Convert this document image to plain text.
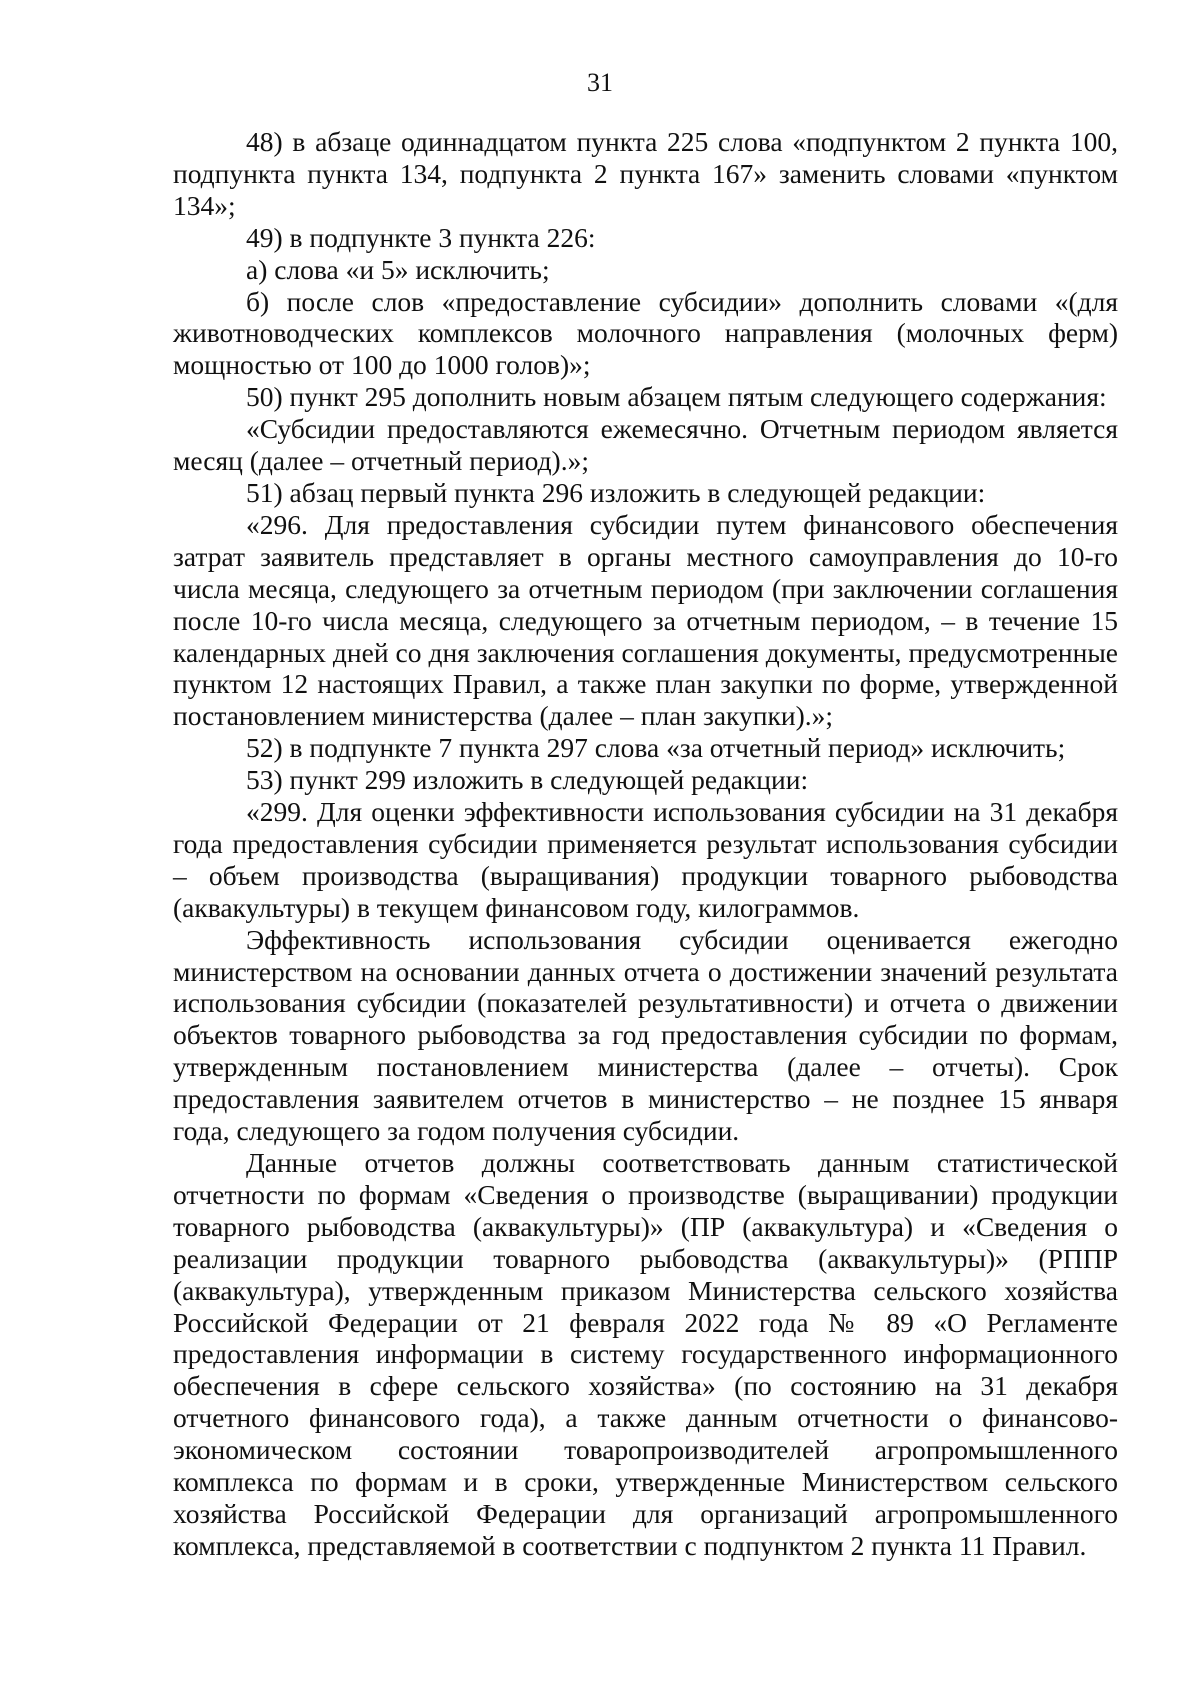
31

48) в абзаце одиннадцатом пункта 225 слова «подпунктом 2 пункта 100, подпункта пункта 134, подпункта 2 пункта 167» заменить словами «пунктом 134»;

49) в подпункте 3 пункта 226:

а) слова «и 5» исключить;

б) после слов «предоставление субсидии» дополнить словами «(для животноводческих комплексов молочного направления (молочных ферм) мощностью от 100 до 1000 голов)»;

50) пункт 295 дополнить новым абзацем пятым следующего содержания:

«Субсидии предоставляются ежемесячно. Отчетным периодом является месяц (далее – отчетный период).»;

51) абзац первый пункта 296 изложить в следующей редакции:

«296. Для предоставления субсидии путем финансового обеспечения затрат заявитель представляет в органы местного самоуправления до 10-го числа месяца, следующего за отчетным периодом (при заключении соглашения после 10-го числа месяца, следующего за отчетным периодом, – в течение 15 календарных дней со дня заключения соглашения документы, предусмотренные пунктом 12 настоящих Правил, а также план закупки по форме, утвержденной постановлением министерства (далее – план закупки).»;

52) в подпункте 7 пункта 297 слова «за отчетный период» исключить;

53) пункт 299 изложить в следующей редакции:

«299. Для оценки эффективности использования субсидии на 31 декабря года предоставления субсидии применяется результат использования субсидии – объем производства (выращивания) продукции товарного рыбоводства (аквакультуры) в текущем финансовом году, килограммов.

Эффективность использования субсидии оценивается ежегодно министерством на основании данных отчета о достижении значений результата использования субсидии (показателей результативности) и отчета о движении объектов товарного рыбоводства за год предоставления субсидии по формам, утвержденным постановлением министерства (далее – отчеты). Срок предоставления заявителем отчетов в министерство – не позднее 15 января года, следующего за годом получения субсидии.

Данные отчетов должны соответствовать данным статистической отчетности по формам «Сведения о производстве (выращивании) продукции товарного рыбоводства (аквакультуры)» (ПР (аквакультура) и «Сведения о реализации продукции товарного рыбоводства (аквакультуры)» (РППР (аквакультура), утвержденным приказом Министерства сельского хозяйства Российской Федерации от 21 февраля 2022 года № 89 «О Регламенте предоставления информации в систему государственного информационного обеспечения в сфере сельского хозяйства» (по состоянию на 31 декабря отчетного финансового года), а также данным отчетности о финансово-экономическом состоянии товаропроизводителей агропромышленного комплекса по формам и в сроки, утвержденные Министерством сельского хозяйства Российской Федерации для организаций агропромышленного комплекса, представляемой в соответствии с подпунктом 2 пункта 11 Правил.
